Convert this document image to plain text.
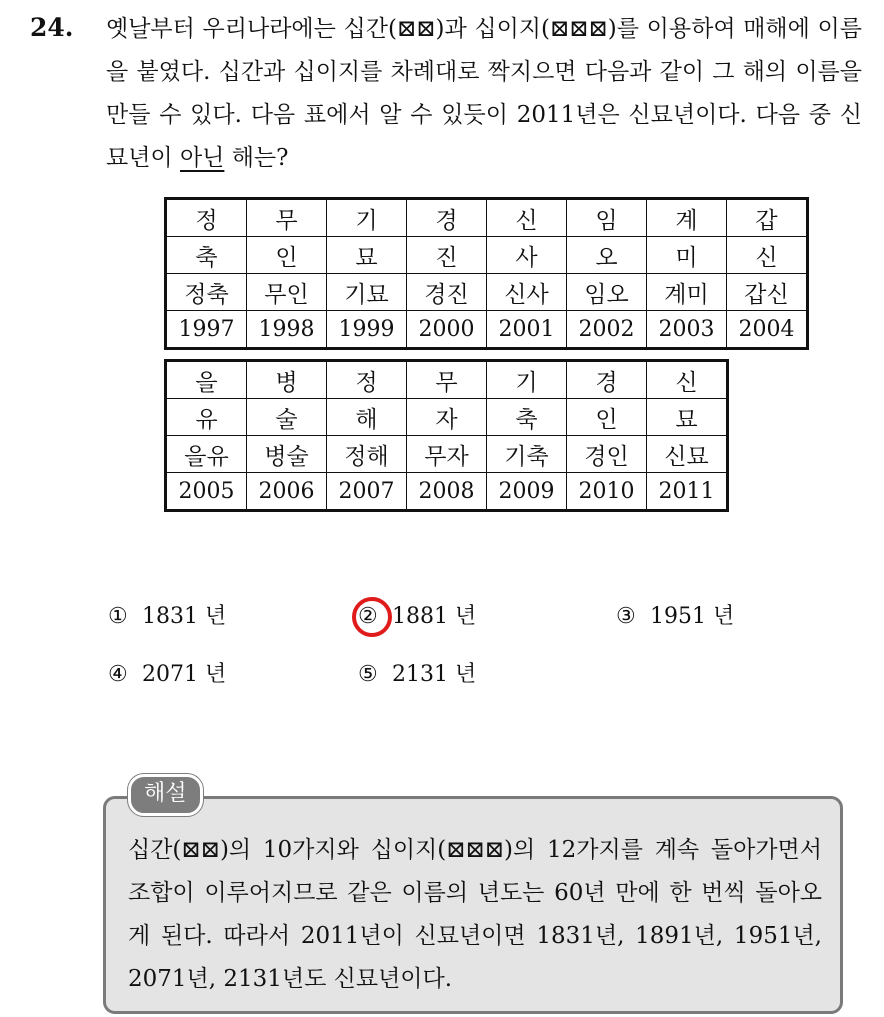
24. 옛날부터 우리나라에는 십간(⊠⊠)과 십이지(⊠⊠⊠)를 이용하여 매해에 이름을 붙였다. 십간과 십이지를 차례대로 짝지으면 다음과 같이 그 해의 이름을 만들 수 있다. 다음 표에서 알 수 있듯이 2011년은 신묘년이다. 다음 중 신묘년이 아닌 해는?

정	무	기	경	신	임	계	갑
축	인	묘	진	사	오	미	신
정축	무인	기묘	경진	신사	임오	계미	갑신
1997	1998	1999	2000	2001	2002	2003	2004
을	병	정	무	기	경	신
유	술	해	자	축	인	묘
을유	병술	정해	무자	기축	경인	신묘
2005	2006	2007	2008	2009	2010	2011
① 1831 년	② 1881 년	③ 1951 년
④ 2071 년	⑤ 2131 년

십간(⊠⊠)의 10가지와 십이지(⊠⊠⊠)의 12가지를 계속 돌아가면서 조합이 이루어지므로 같은 이름의 년도는 60년 만에 한 번씩 돌아오게 된다. 따라서 2011년이 신묘년이면 1831년, 1891년, 1951년, 2071년, 2131년도 신묘년이다.

해설
